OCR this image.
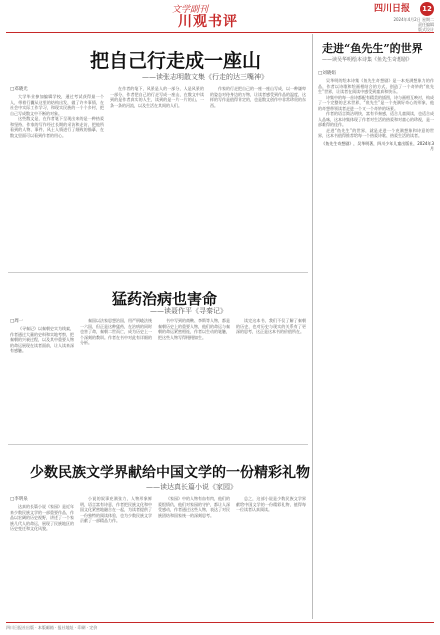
文学副刊
川观书评
四川日报	12
2024年4月2日 星期二
责任编辑
版式设计
把自己行走成一座山
——读张志明散文集《行走的达三嘴神》
□邓晓光

大学毕业参加编辑学校，通过考试获得最一个人，带着行囊从这里的结构出发，做了许多事情，在社会中实际工作学习，和现实民族的一个个乡村，把自己写成散文中不断的对象。

这些散文是，在作者笔下呈现出来的是一种热爱和坚持，作家的写作经过长期的采访和走访，把他所看到的人物、事件、风土人情进行了细致的描摹，在散文里面可以看到作者的用心。

在作者的笔下，风景是人的一部分，人是风景的一部分，作者把自己的行走写成一座山，在散文中读到的是作者真实的人生，读到的是一片一片的山、一条一条的河流，以及生活在其间的人们。

作家的行走把自己的一座一座山写成，以一种谦卑的姿态对待身边的万物，让读者感受到作品的温度，这样的写作是值得肯定的，也是散文创作中非常珍贵的东西。

猛药治病也害命
——读聂作平《寻秦记》
□周一

《寻秦记》以秦朝史实为线索，作者通过大量的史料和实地考察，把秦朝的兴衰过程，以及其中重要人物的命运展现在读者面前，让人读来深有感触。

秦国以法家思想治国，用严刑峻法统一六国，但正是这种猛药，在治病的同时也害了命，秦朝二世而亡，成为历史上一个深刻的教训。作者在书中对此有详细的分析。

书中写到的商鞅、李斯等人物，都是秦朝历史上的重要人物，他们的命运与秦朝的命运紧密相连，作者以生动的笔触，把这些人物写得栩栩如生。

读完这本书，我们不仅了解了秦朝的历史，也对历史与现实的关系有了更深的思考，这正是这本书的价值所在。

少数民族文学界献给中国文学的一份精彩礼物
——读达真长篇小说《家园》
□李明泉

达真的长篇小说《家园》是近年来少数民族文学的一部重要作品，作品以宏阔的历史视野，讲述了一个家族几代人的命运，展现了民族地区的历史变迁和文化风貌。

小说的叙事充满张力，人物形象鲜明，语言富有诗意，作者把民族文化和中国文化紧密地融合在一起，为读者提供了一份独特的阅读体验，也为少数民族文学贡献了一部精品力作。

《家园》中的人物有血有肉，他们的爱恨情仇，他们对家园的守护，都让人深受感动，作者通过这些人物，表达了对民族团结和国家统一的深刻思考。

总之，这部小说是少数民族文学界献给中国文学的一份精彩礼物，值得每一位读者认真阅读。

走进“鱼先生”的世界
——读吴华明绘本诗集《鱼先生奇想剧》
□刘晓娟

吴华明的绘本诗集《鱼先生奇想剧》是一本充满想象力的作品，作者以诗歌和绘画相结合的方式，创造了一个奇妙的“鱼先生”世界，让读者在阅读中感受到童真和快乐。

诗集中的每一首诗都配有精美的插图，诗与画相互映衬，构成了一个完整的艺术世界，“鱼先生”是一个充满好奇心的形象，他的奇想带领读者走进一个又一个奇妙的场景。

作者的语言简洁明快，富有节奏感，适合儿童阅读，也适合成人品味，这本诗集体现了作者对生活的热爱和对童心的珍视，是一部难得的佳作。

走进“鱼先生”的世界，就是走进一个充满想象和诗意的世界，这本书值得推荐给每一个热爱诗歌、热爱生活的读者。

《鱼先生奇想剧》，吴华明著，四川少年儿童出版社，2024年3月

四川日报社出版 · 本版邮箱 · 报社地址 · 印刷 · 定价
